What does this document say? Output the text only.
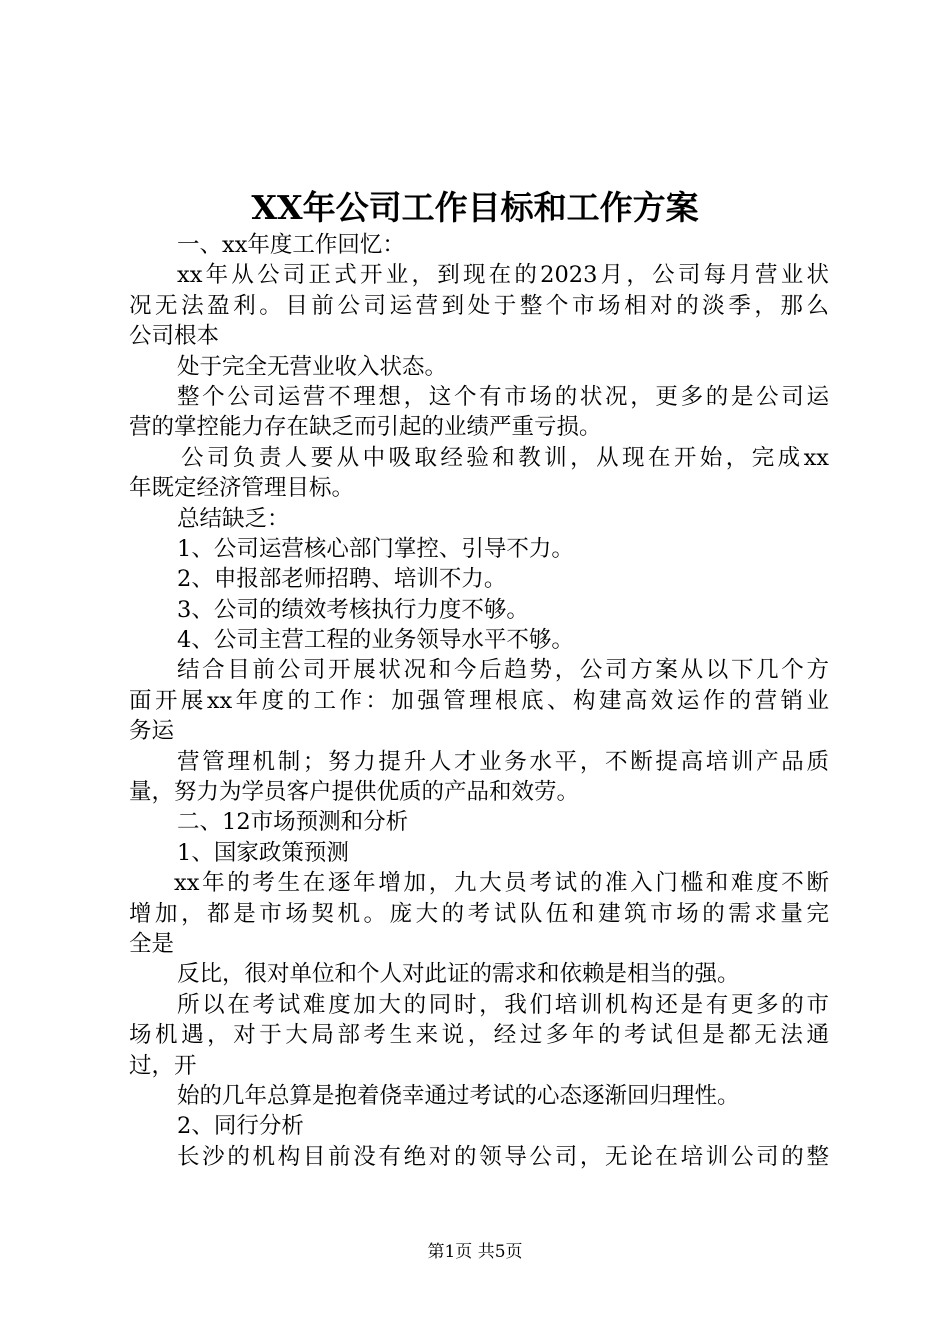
XX年公司工作目标和工作方案
一、xx年度工作回忆：
xx年从公司正式开业，到现在的2023月，公司每月营业状
况无法盈利。目前公司运营到处于整个市场相对的淡季，那么
公司根本
处于完全无营业收入状态。
整个公司运营不理想，这个有市场的状况，更多的是公司运
营的掌控能力存在缺乏而引起的业绩严重亏损。
公司负责人要从中吸取经验和教训，从现在开始，完成xx
年既定经济管理目标。
总结缺乏：
1、公司运营核心部门掌控、引导不力。
2、申报部老师招聘、培训不力。
3、公司的绩效考核执行力度不够。
4、公司主营工程的业务领导水平不够。
结合目前公司开展状况和今后趋势，公司方案从以下几个方
面开展xx年度的工作：加强管理根底、构建高效运作的营销业
务运
营管理机制；努力提升人才业务水平，不断提高培训产品质
量，努力为学员客户提供优质的产品和效劳。
二、12市场预测和分析
1、国家政策预测
xx年的考生在逐年增加，九大员考试的准入门槛和难度不断
增加，都是市场契机。庞大的考试队伍和建筑市场的需求量完
全是
反比，很对单位和个人对此证的需求和依赖是相当的强。
所以在考试难度加大的同时，我们培训机构还是有更多的市
场机遇，对于大局部考生来说，经过多年的考试但是都无法通
过，开
始的几年总算是抱着侥幸通过考试的心态逐渐回归理性。
2、同行分析
长沙的机构目前没有绝对的领导公司，无论在培训公司的整
第1页 共5页
